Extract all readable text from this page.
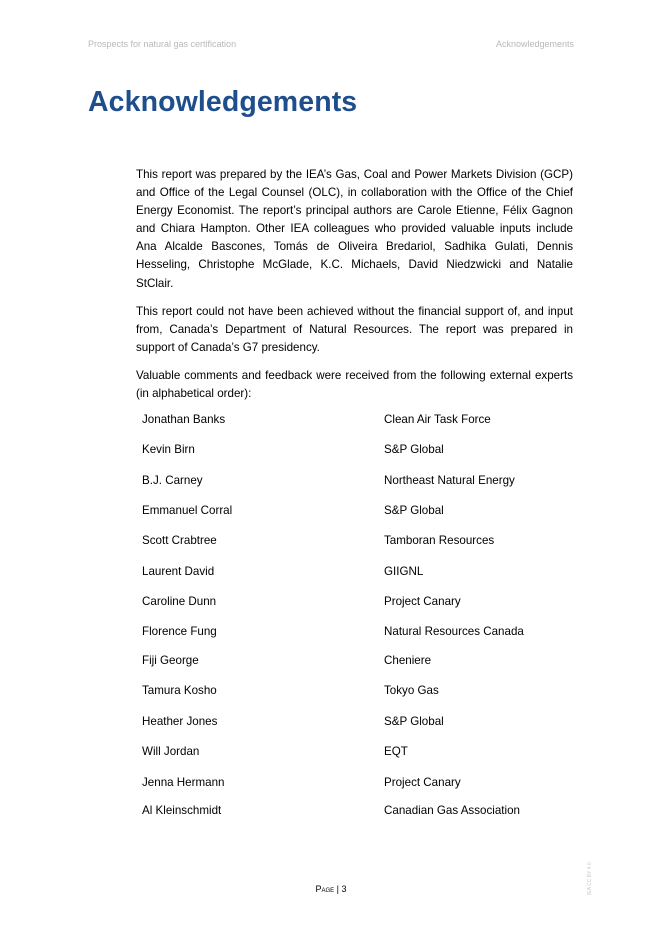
Prospects for natural gas certification	Acknowledgements
Acknowledgements

This report was prepared by the IEA’s Gas, Coal and Power Markets Division (GCP) and Office of the Legal Counsel (OLC), in collaboration with the Office of the Chief Energy Economist. The report’s principal authors are Carole Etienne, Félix Gagnon and Chiara Hampton. Other IEA colleagues who provided valuable inputs include Ana Alcalde Bascones, Tomás de Oliveira Bredariol, Sadhika Gulati, Dennis Hesseling, Christophe McGlade, K.C. Michaels, David Niedzwicki and Natalie StClair.

This report could not have been achieved without the financial support of, and input from, Canada’s Department of Natural Resources. The report was prepared in support of Canada’s G7 presidency.

Valuable comments and feedback were received from the following external experts (in alphabetical order):

Jonathan Banks	Clean Air Task Force
Kevin Birn	S&P Global
B.J. Carney	Northeast Natural Energy
Emmanuel Corral	S&P Global
Scott Crabtree	Tamboran Resources
Laurent David	GIIGNL
Caroline Dunn	Project Canary
Florence Fung	Natural Resources Canada
Fiji George	Cheniere
Tamura Kosho	Tokyo Gas
Heather Jones	S&P Global
Will Jordan	EQT
Jenna Hermann	Project Canary
Al Kleinschmidt	Canadian Gas Association
Page | 3	IEA CC BY 4.0.
